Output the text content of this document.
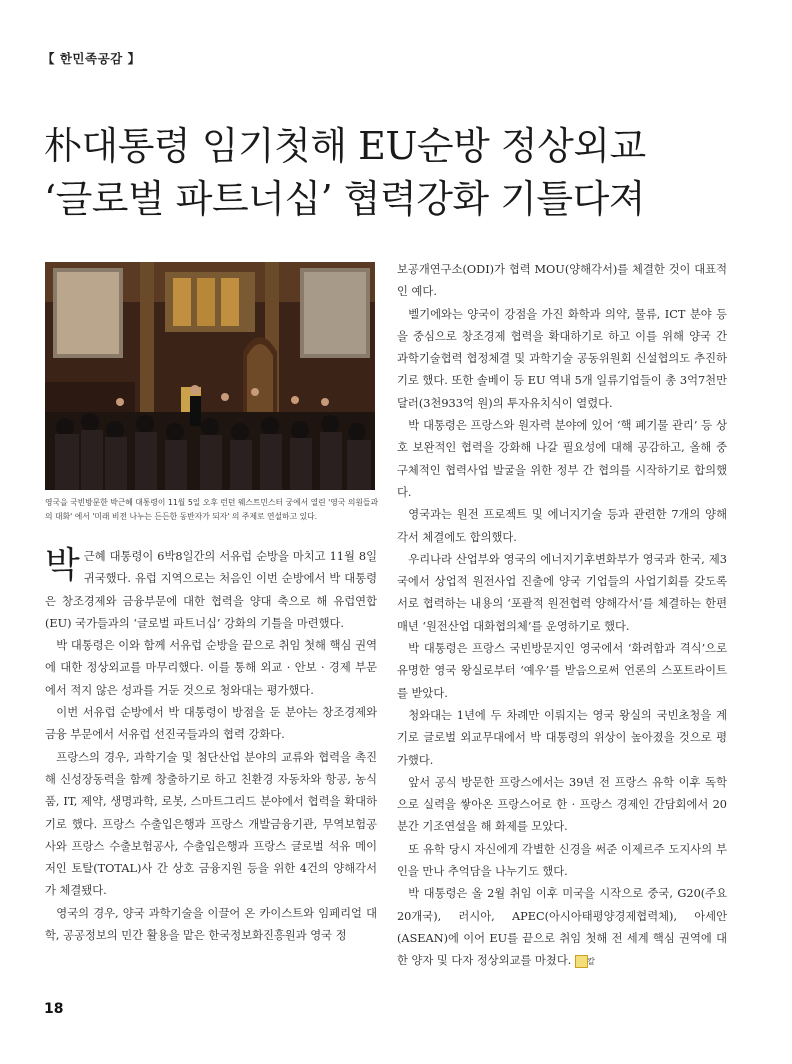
【 한민족공감 】
朴대통령 임기첫해 EU순방 정상외교
‘글로벌 파트너십’ 협력강화 기틀다져
영국을 국빈방문한 박근혜 대통령이 11월 5일 오후 런던 웨스트민스터 궁에서 열린 '영국 의원들과의 대화' 에서 '미래 비전 나누는 든든한 동반자가 되자' 의 주제로 연설하고 있다.

박근혜 대통령이 6박8일간의 서유럽 순방을 마치고 11월 8일 귀국했다. 유럽 지역으로는 처음인 이번 순방에서 박 대통령은 창조경제와 금융부문에 대한 협력을 양대 축으로 해 유럽연합(EU) 국가들과의 ‘글로벌 파트너십’ 강화의 기틀을 마련했다.

박 대통령은 이와 함께 서유럽 순방을 끝으로 취임 첫해 핵심 권역에 대한 정상외교를 마무리했다. 이를 통해 외교 · 안보 · 경제 부문에서 적지 않은 성과를 거둔 것으로 청와대는 평가했다.

이번 서유럽 순방에서 박 대통령이 방점을 둔 분야는 창조경제와 금융 부문에서 서유럽 선진국들과의 협력 강화다.

프랑스의 경우, 과학기술 및 첨단산업 분야의 교류와 협력을 촉진해 신성장동력을 함께 창출하기로 하고 친환경 자동차와 항공, 농식품, IT, 제약, 생명과학, 로봇, 스마트그리드 분야에서 협력을 확대하기로 했다. 프랑스 수출입은행과 프랑스 개발금융기관, 무역보험공사와 프랑스 수출보험공사, 수출입은행과 프랑스 글로벌 석유 메이저인 토탈(TOTAL)사 간 상호 금융지원 등을 위한 4건의 양해각서가 체결됐다.

영국의 경우, 양국 과학기술을 이끌어 온 카이스트와 임페리얼 대학, 공공정보의 민간 활용을 맡은 한국정보화진흥원과 영국 정

보공개연구소(ODI)가 협력 MOU(양해각서)를 체결한 것이 대표적인 예다.

벨기에와는 양국이 강점을 가진 화학과 의약, 물류, ICT 분야 등을 중심으로 창조경제 협력을 확대하기로 하고 이를 위해 양국 간 과학기술협력 협정체결 및 과학기술 공동위원회 신설협의도 추진하기로 했다. 또한 솔베이 등 EU 역내 5개 일류기업들이 총 3억7천만 달러(3천933억 원)의 투자유치식이 열렸다.

박 대통령은 프랑스와 원자력 분야에 있어 ‘핵 폐기물 관리’ 등 상호 보완적인 협력을 강화해 나갈 필요성에 대해 공감하고, 올해 중 구체적인 협력사업 발굴을 위한 정부 간 협의를 시작하기로 합의했다.

영국과는 원전 프로젝트 및 에너지기술 등과 관련한 7개의 양해각서 체결에도 합의했다.

우리나라 산업부와 영국의 에너지기후변화부가 영국과 한국, 제3국에서 상업적 원전사업 진출에 양국 기업들의 사업기회를 갖도록 서로 협력하는 내용의 ‘포괄적 원전협력 양해각서’를 체결하는 한편 매년 ‘원전산업 대화협의체’를 운영하기로 했다.

박 대통령은 프랑스 국빈방문지인 영국에서 ‘화려함과 격식’으로 유명한 영국 왕실로부터 ‘예우’를 받음으로써 언론의 스포트라이트를 받았다.

청와대는 1년에 두 차례만 이뤄지는 영국 왕실의 국빈초청을 계기로 글로벌 외교무대에서 박 대통령의 위상이 높아졌을 것으로 평가했다.

앞서 공식 방문한 프랑스에서는 39년 전 프랑스 유학 이후 독학으로 실력을 쌓아온 프랑스어로 한 · 프랑스 경제인 간담회에서 20분간 기조연설을 해 화제를 모았다.

또 유학 당시 자신에게 각별한 신경을 써준 이제르주 도지사의 부인을 만나 추억담을 나누기도 했다.

박 대통령은 올 2월 취임 이후 미국을 시작으로 중국, G20(주요 20개국), 러시아, APEC(아시아태평양경제협력체), 아세안(ASEAN)에 이어 EU를 끝으로 취임 첫해 전 세계 핵심 권역에 대한 양자 및 다자 정상외교를 마쳤다. 칼

18
